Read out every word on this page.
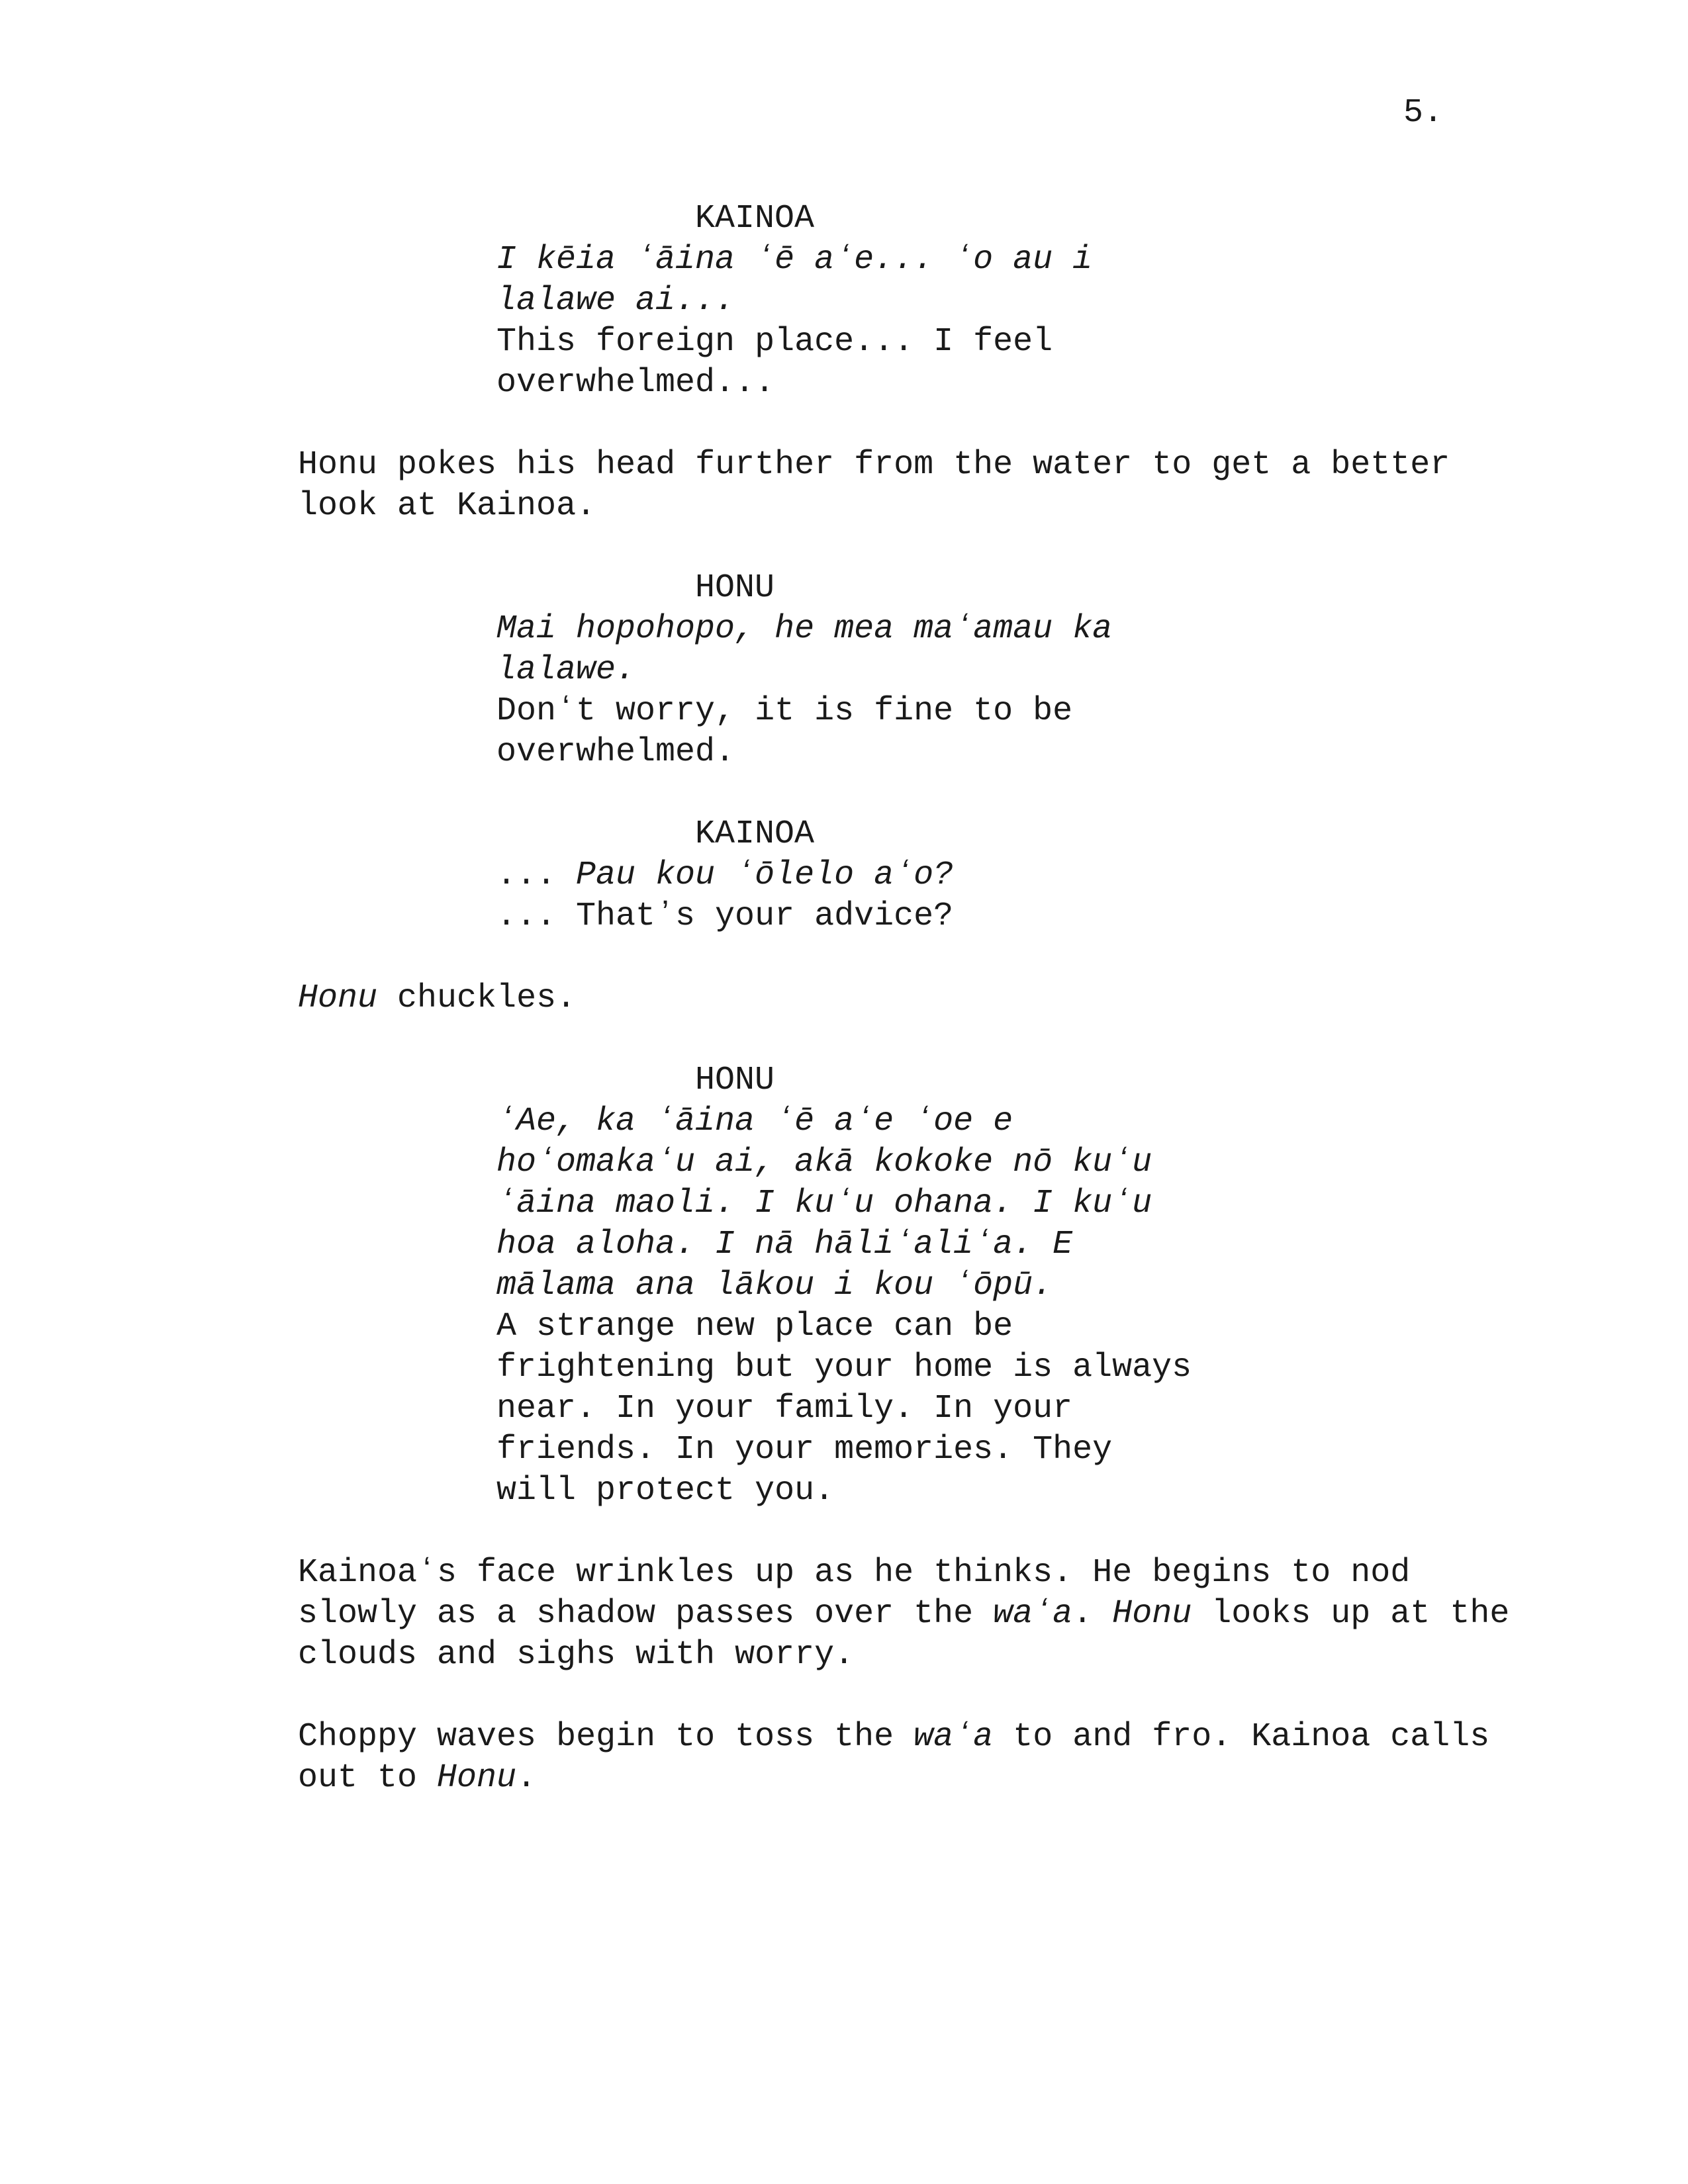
5.
KAINOA
I kēia ʻāina ʻē aʻe... ʻo au i
lalawe ai...
This foreign place... I feel
overwhelmed...
Honu pokes his head further from the water to get a better
look at Kainoa.
HONU
Mai hopohopo, he mea maʻamau ka
lalawe.
Donʻt worry, it is fine to be
overwhelmed.
KAINOA
... Pau kou ʻōlelo aʻo?
... Thatʼs your advice?
Honu chuckles.
HONU
ʻAe, ka ʻāina ʻē aʻe ʻoe e
hoʻomakaʻu ai, akā kokoke nō kuʻu
ʻāina maoli. I kuʻu ohana. I kuʻu
hoa aloha. I nā hāliʻaliʻa. E
mālama ana lākou i kou ʻōpū.
A strange new place can be
frightening but your home is always
near. In your family. In your
friends. In your memories. They
will protect you.
Kainoaʻs face wrinkles up as he thinks. He begins to nod
slowly as a shadow passes over the waʻa. Honu looks up at the
clouds and sighs with worry.
Choppy waves begin to toss the waʻa to and fro. Kainoa calls
out to Honu.
